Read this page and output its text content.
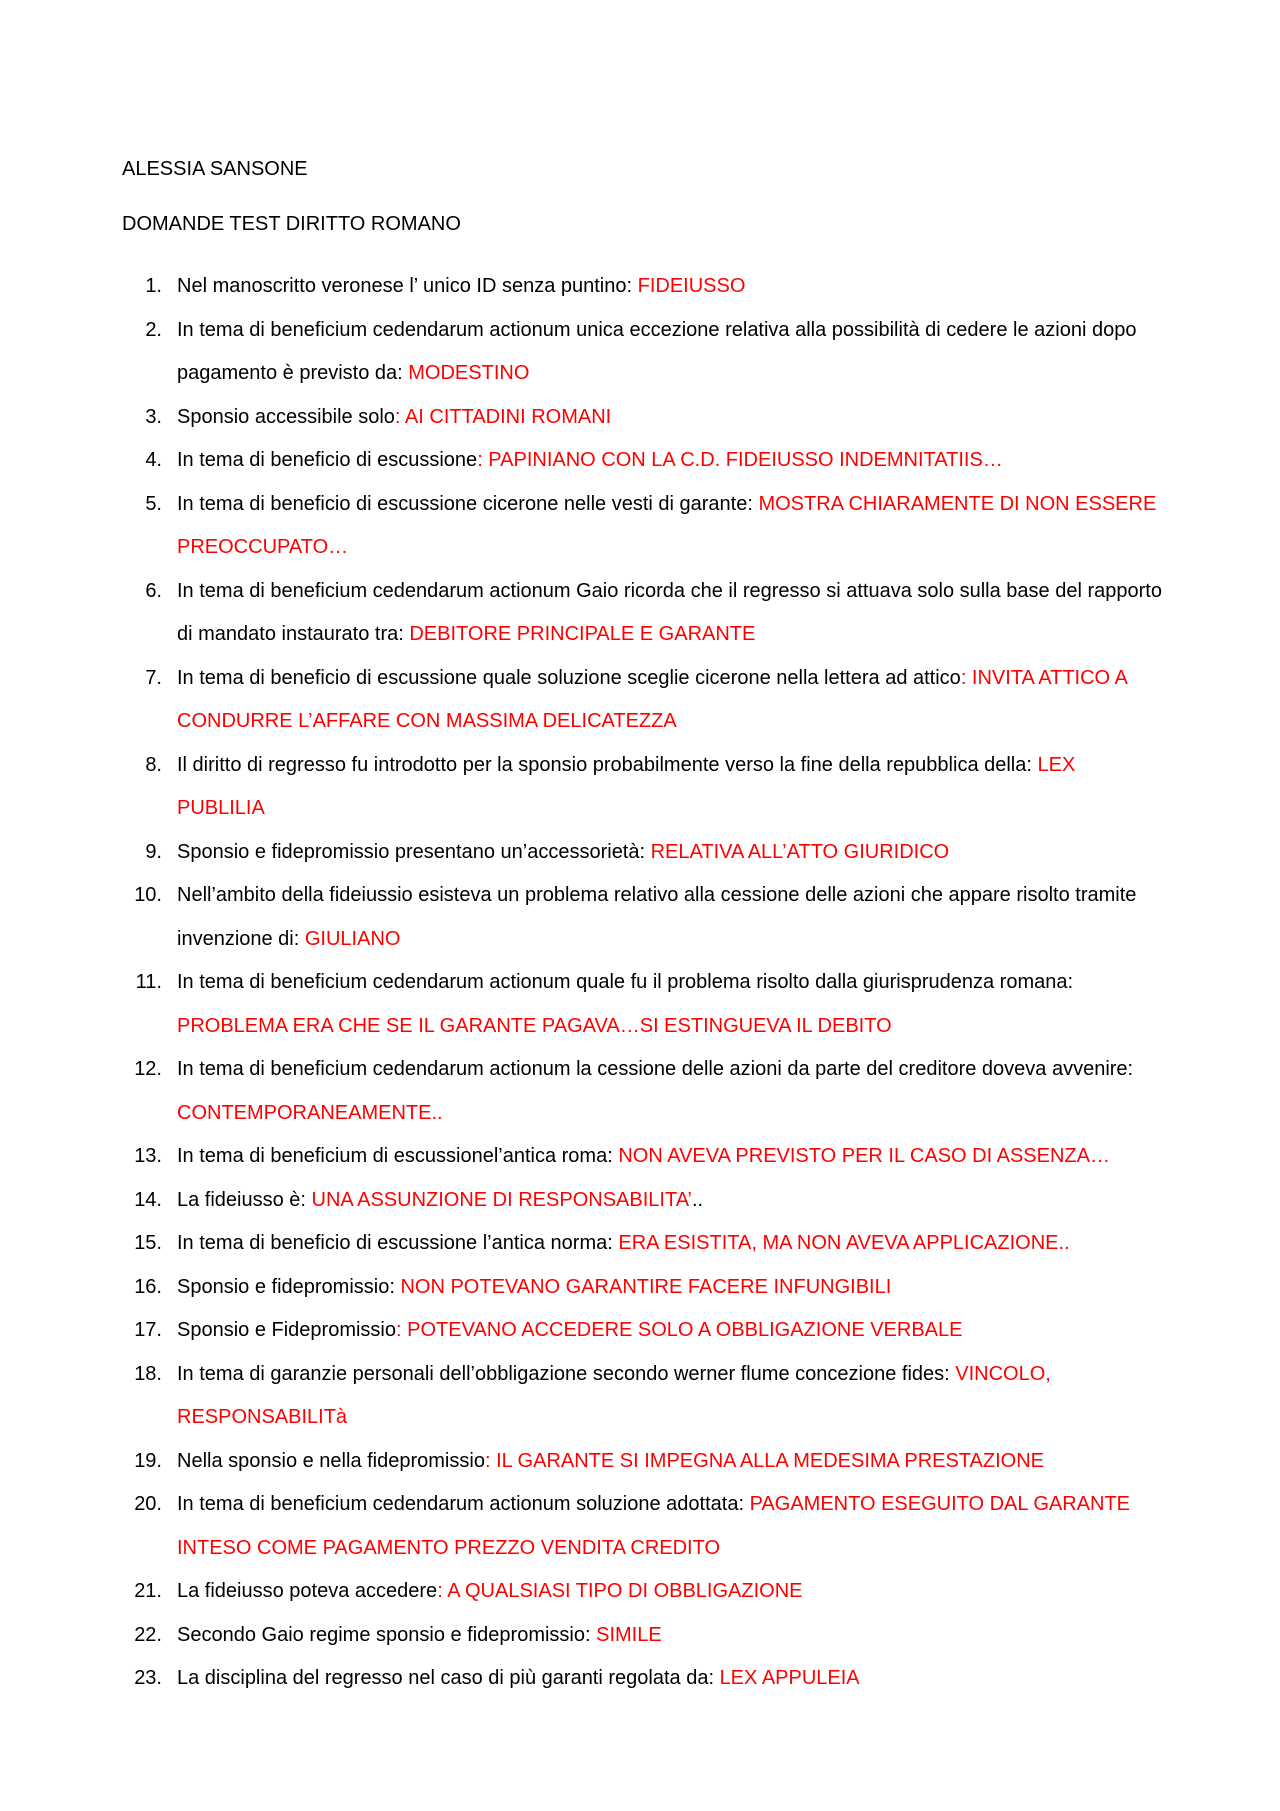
ALESSIA SANSONE
DOMANDE TEST DIRITTO ROMANO
1. Nel manoscritto veronese l’ unico ID senza puntino: FIDEIUSSO
2. In tema di beneficium cedendarum actionum unica eccezione relativa alla possibilità di cedere le azioni dopo pagamento è previsto da: MODESTINO
3. Sponsio accessibile solo: AI CITTADINI ROMANI
4. In tema di beneficio di escussione: PAPINIANO CON LA C.D. FIDEIUSSO INDEMNITATIIS…
5. In tema di beneficio di escussione cicerone nelle vesti di garante: MOSTRA CHIARAMENTE DI NON ESSERE PREOCCUPATO…
6. In tema di beneficium cedendarum actionum Gaio ricorda che il regresso si attuava solo sulla base del rapporto di mandato instaurato tra: DEBITORE PRINCIPALE E GARANTE
7. In tema di beneficio di escussione quale soluzione sceglie cicerone nella lettera ad attico: INVITA ATTICO A CONDURRE L’AFFARE CON MASSIMA DELICATEZZA
8. Il diritto di regresso fu introdotto per la sponsio probabilmente verso la fine della repubblica della: LEX PUBLILIA
9. Sponsio e fidepromissio presentano un’accessorietà: RELATIVA ALL’ATTO GIURIDICO
10. Nell’ambito della fideiussio esisteva un problema relativo alla cessione delle azioni che appare risolto tramite invenzione di: GIULIANO
11. In tema di beneficium cedendarum actionum quale fu il problema risolto dalla giurisprudenza romana: PROBLEMA ERA CHE SE IL GARANTE PAGAVA…SI ESTINGUEVA IL DEBITO
12. In tema di beneficium cedendarum actionum la cessione delle azioni da parte del creditore doveva avvenire: CONTEMPORANEAMENTE..
13. In tema di beneficium di escussionel’antica roma: NON AVEVA PREVISTO PER IL CASO DI ASSENZA…
14. La fideiusso è: UNA ASSUNZIONE DI RESPONSABILITA’..
15. In tema di beneficio di escussione l’antica norma: ERA ESISTITA, MA NON AVEVA APPLICAZIONE..
16. Sponsio e fidepromissio: NON POTEVANO GARANTIRE FACERE INFUNGIBILI
17. Sponsio e Fidepromissio: POTEVANO ACCEDERE SOLO A OBBLIGAZIONE VERBALE
18. In tema di garanzie personali dell’obbligazione secondo werner flume concezione fides: VINCOLO, RESPONSABILITà
19. Nella sponsio e nella fidepromissio: IL GARANTE SI IMPEGNA ALLA MEDESIMA PRESTAZIONE
20. In tema di beneficium cedendarum actionum soluzione adottata: PAGAMENTO ESEGUITO DAL GARANTE INTESO COME PAGAMENTO PREZZO VENDITA CREDITO
21. La fideiusso poteva accedere: A QUALSIASI TIPO DI OBBLIGAZIONE
22. Secondo Gaio regime sponsio e fidepromissio: SIMILE
23. La disciplina del regresso nel caso di più garanti regolata da: LEX APPULEIA
